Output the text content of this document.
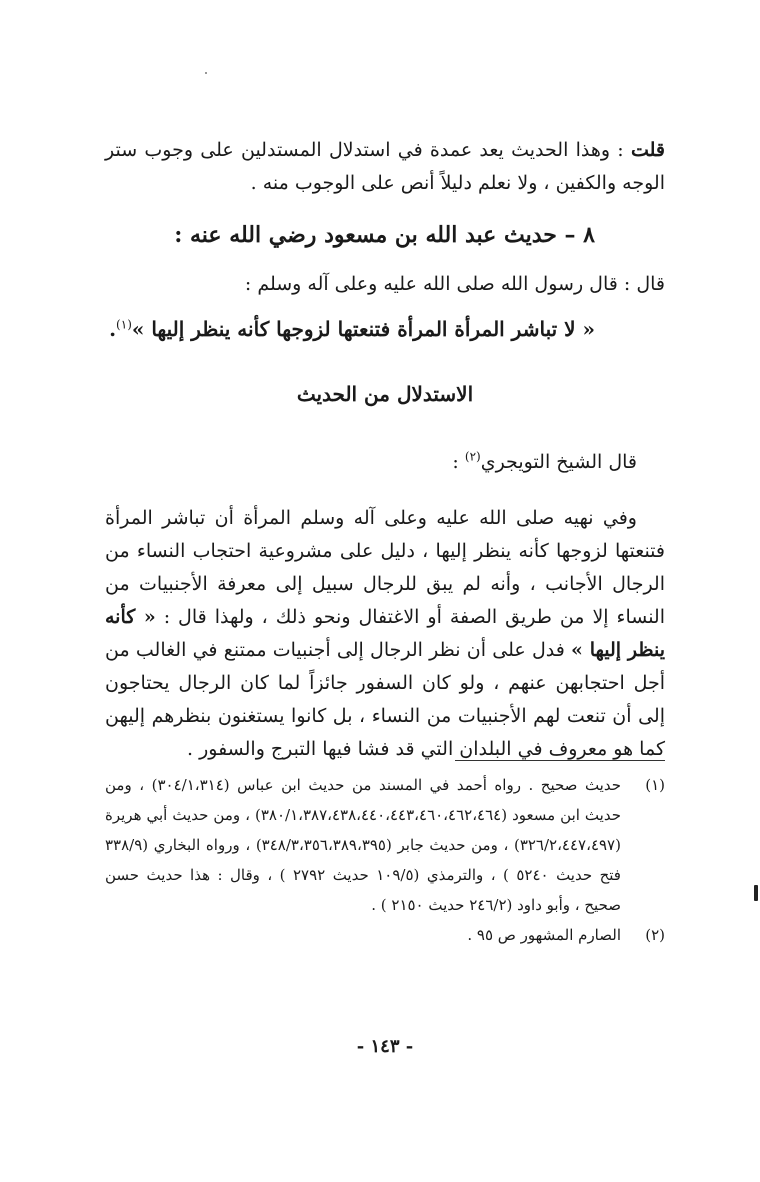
قلت : وهذا الحديث يعد عمدة في استدلال المستدلين على وجوب ستر الوجه والكفين ، ولا نعلم دليلاً أنص على الوجوب منه .
٨ – حديث عبد الله بن مسعود رضي الله عنه :
قال : قال رسول الله صلى الله عليه وعلى آله وسلم :
« لا تباشر المرأة المرأة فتنعتها لزوجها كأنه ينظر إليها »$^{(١)}$.
الاستدلال من الحديث
قال الشيخ التويجري$^{(٢)}$ :
وفي نهيه صلى الله عليه وعلى آله وسلم المرأة أن تباشر المرأة فتنعتها لزوجها كأنه ينظر إليها ، دليل على مشروعية احتجاب النساء من الرجال الأجانب ، وأنه لم يبق للرجال سبيل إلى معرفة الأجنبيات من النساء إلا من طريق الصفة أو الاغتفال ونحو ذلك ، ولهذا قال : « كأنه ينظر إليها » فدل على أن نظر الرجال إلى أجنبيات ممتنع في الغالب من أجل احتجابهن عنهم ، ولو كان السفور جائزاً لما كان الرجال يحتاجون إلى أن تنعت لهم الأجنبيات من النساء ، بل كانوا يستغنون بنظرهم إليهن كما هو معروف في البلدان التي قد فشا فيها التبرج والسفور .
(١)
حديث صحيح . رواه أحمد في المسند من حديث ابن عباس (٣٠٤/١،٣١٤) ، ومن حديث ابن مسعود (٣٨٠/١،٣٨٧،٤٣٨،٤٤٠،٤٤٣،٤٦٠،٤٦٢،٤٦٤) ، ومن حديث أبي هريرة (٣٢٦/٢،٤٤٧،٤٩٧) ، ومن حديث جابر (٣٤٨/٣،٣٥٦،٣٨٩،٣٩٥) ، ورواه البخاري (٣٣٨/٩ فتح حديث ٥٢٤٠ ) ، والترمذي (١٠٩/٥ حديث ٢٧٩٢ ) ، وقال : هذا حديث حسن صحيح ، وأبو داود (٢٤٦/٢ حديث ٢١٥٠ ) .
(٢)
الصارم المشهور ص ٩٥ .
- ١٤٣ -
